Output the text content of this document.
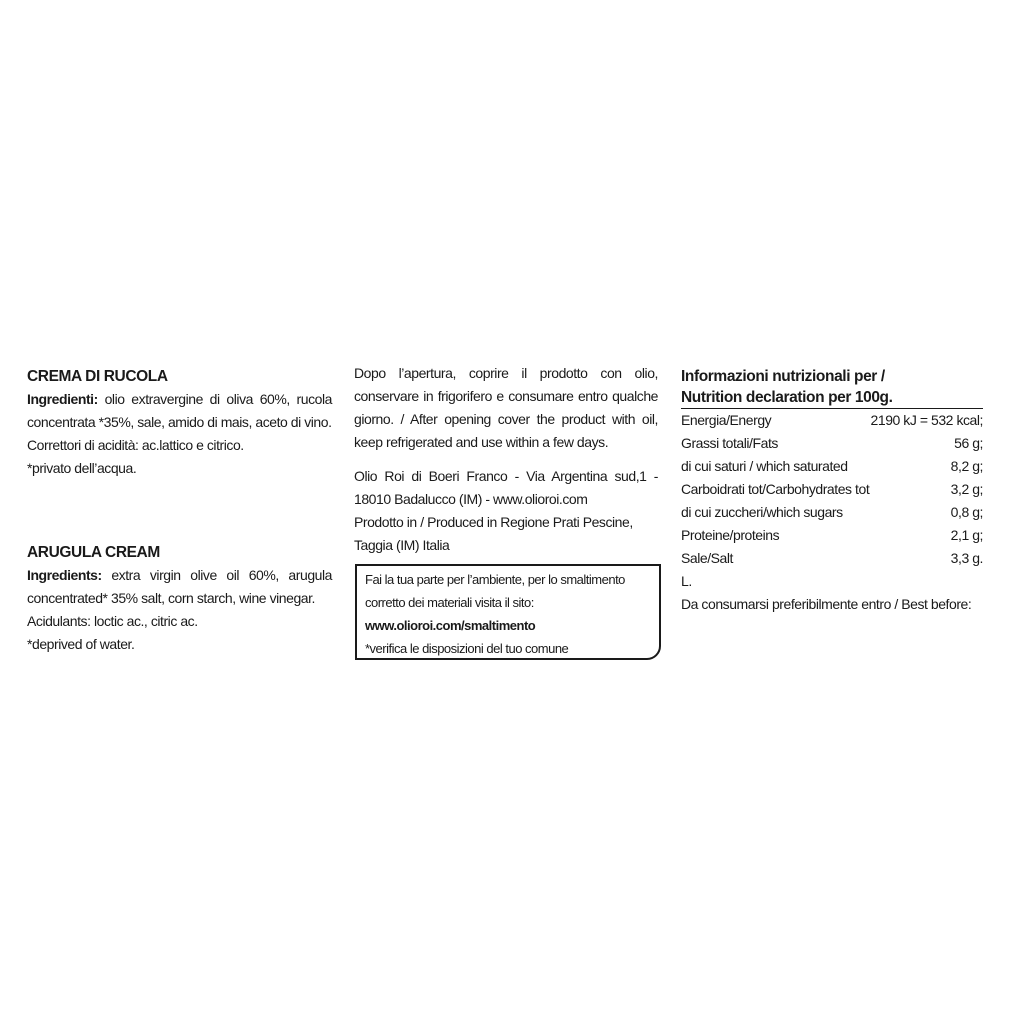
CREMA DI RUCOLA

Ingredienti: olio extravergine di oliva 60%, rucola concentrata *35%, sale, amido di mais, aceto di vino.

Correttori di acidità: ac.lattico e citrico.

*privato dell’acqua.

ARUGULA CREAM

Ingredients: extra virgin olive oil 60%, arugula concentrated* 35% salt, corn starch, wine vinegar.

Acidulants: loctic ac., citric ac.

*deprived of water.

Dopo l’apertura, coprire il prodotto con olio, conservare in frigorifero e consumare entro qualche giorno. / After opening cover the product with oil, keep refrigerated and use within a few days.

Olio Roi di Boeri Franco - Via Argentina sud,1 - 18010 Badalucco (IM) - www.olioroi.com

Prodotto in / Produced in Regione Prati Pescine, Taggia (IM) Italia

Fai la tua parte per l’ambiente, per lo smaltimento

corretto dei materiali visita il sito:

www.olioroi.com/smaltimento

*verifica le disposizioni del tuo comune

Informazioni nutrizionali per /
Nutrition declaration per 100g.

Energia/Energy	2190 kJ = 532 kcal;
Grassi totali/Fats	56 g;
di cui saturi / which saturated	8,2 g;
Carboidrati tot/Carbohydrates tot	3,2 g;
di cui zuccheri/which sugars	0,8 g;
Proteine/proteins	2,1 g;
Sale/Salt	3,3 g.

L.

Da consumarsi preferibilmente entro / Best before:
